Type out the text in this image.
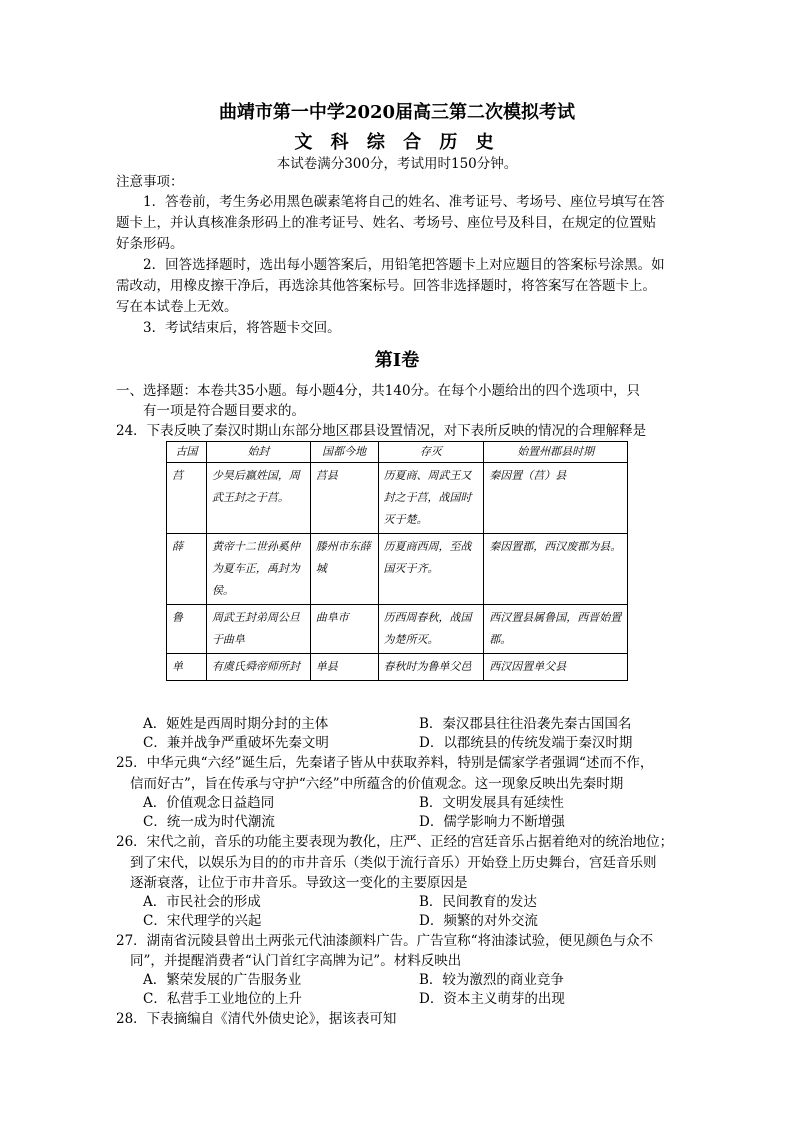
曲靖市第一中学2020届高三第二次模拟考试
文 科 综 合 历 史
本试卷满分300分，考试用时150分钟。
注意事项：
1．答卷前，考生务必用黑色碳素笔将自己的姓名、准考证号、考场号、座位号填写在答
题卡上，并认真核准条形码上的准考证号、姓名、考场号、座位号及科目，在规定的位置贴
好条形码。
2．回答选择题时，选出每小题答案后，用铅笔把答题卡上对应题目的答案标号涂黑。如
需改动，用橡皮擦干净后，再选涂其他答案标号。回答非选择题时，将答案写在答题卡上。
写在本试卷上无效。
3．考试结束后，将答题卡交回。
第Ⅰ卷
一、选择题：本卷共35小题。每小题4分，共140分。在每个小题给出的四个选项中，只
有一项是符合题目要求的。
24．下表反映了秦汉时期山东部分地区郡县设置情况，对下表所反映的情况的合理解释是
古国	始封	国都今地	存灭	始置州郡县时期
莒	少昊后嬴姓国，周武王封之于莒。	莒县	历夏商、周武王又封之于莒，战国时灭于楚。	秦因置（莒）县
薛	黄帝十二世孙奚仲为夏车正，禹封为侯。	滕州市东薛城	历夏商西周，至战国灭于齐。	秦因置郡，西汉废郡为县。
鲁	周武王封弟周公旦于曲阜	曲阜市	历西周春秋，战国为楚所灭。	西汉置县属鲁国，西晋始置郡。
单	有虞氏舜帝师所封	单县	春秋时为鲁单父邑	西汉因置单父县
A．姬姓是西周时期分封的主体	B．秦汉郡县往往沿袭先秦古国国名
C．兼并战争严重破坏先秦文明	D．以郡统县的传统发端于秦汉时期
25．中华元典“六经”诞生后，先秦诸子皆从中获取养料，特别是儒家学者强调“述而不作，
信而好古”，旨在传承与守护“六经”中所蕴含的价值观念。这一现象反映出先秦时期
A．价值观念日益趋同	B．文明发展具有延续性
C．统一成为时代潮流	D．儒学影响力不断增强
26．宋代之前，音乐的功能主要表现为教化，庄严、正经的宫廷音乐占据着绝对的统治地位；
到了宋代，以娱乐为目的的市井音乐（类似于流行音乐）开始登上历史舞台，宫廷音乐则
逐渐衰落，让位于市井音乐。导致这一变化的主要原因是
A．市民社会的形成	B．民间教育的发达
C．宋代理学的兴起	D．频繁的对外交流
27．湖南省沅陵县曾出土两张元代油漆颜料广告。广告宣称“将油漆试验，便见颜色与众不
同”，并提醒消费者“认门首红字高牌为记”。材料反映出
A．繁荣发展的广告服务业	B．较为激烈的商业竞争
C．私营手工业地位的上升	D．资本主义萌芽的出现
28．下表摘编自《清代外债史论》，据该表可知
